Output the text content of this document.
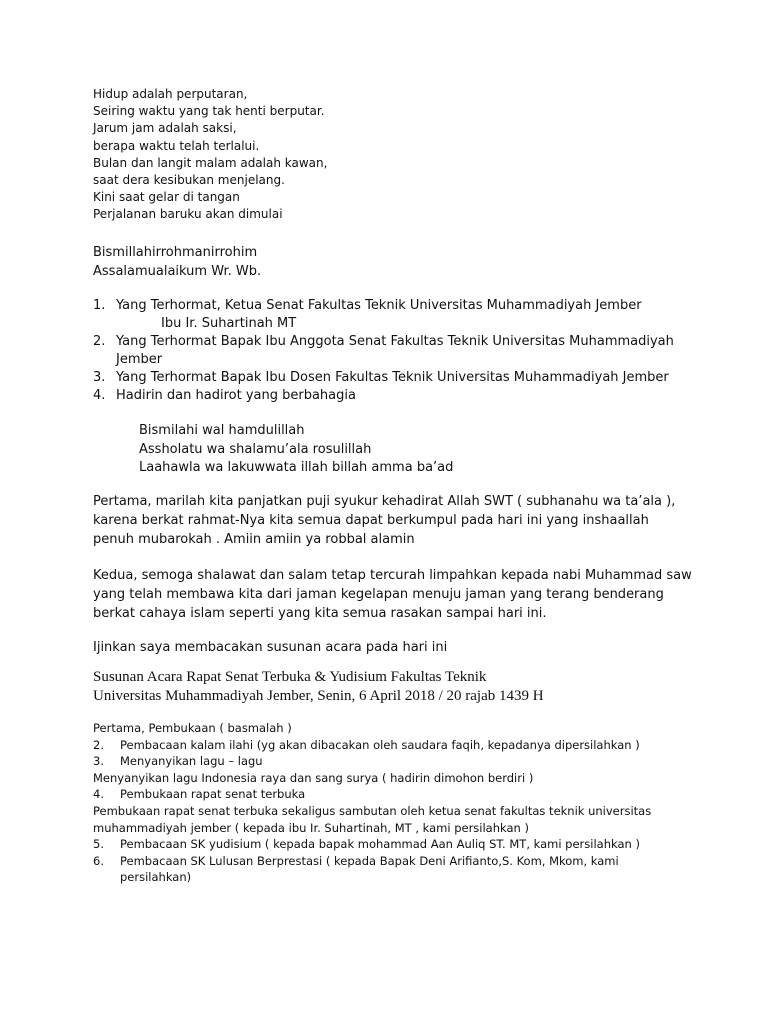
Hidup adalah perputaran,
Seiring waktu yang tak henti berputar.
Jarum jam adalah saksi,
berapa waktu telah terlalui.
Bulan dan langit malam adalah kawan,
saat dera kesibukan menjelang.
Kini saat gelar di tangan
Perjalanan baruku akan dimulai
Bismillahirrohmanirrohim
Assalamualaikum Wr. Wb.
1. Yang Terhormat, Ketua Senat Fakultas Teknik Universitas Muhammadiyah Jember
Ibu Ir. Suhartinah MT
2. Yang Terhormat Bapak Ibu Anggota Senat Fakultas Teknik Universitas Muhammadiyah Jember
3. Yang Terhormat Bapak Ibu Dosen Fakultas Teknik Universitas Muhammadiyah Jember
4. Hadirin dan hadirot yang berbahagia
Bismilahi wal hamdulillah
Assholatu wa shalamu’ala rosulillah
Laahawla wa lakuwwata illah billah amma ba’ad
Pertama, marilah kita panjatkan puji syukur kehadirat Allah SWT ( subhanahu wa ta’ala ), karena berkat rahmat-Nya kita semua dapat berkumpul pada hari ini yang inshaallah penuh mubarokah . Amiin amiin ya robbal alamin
Kedua, semoga shalawat dan salam tetap tercurah limpahkan kepada nabi Muhammad saw yang telah membawa kita dari jaman kegelapan menuju jaman yang terang benderang berkat cahaya islam seperti yang kita semua rasakan sampai hari ini.
Ijinkan saya membacakan susunan acara pada hari ini
Susunan Acara Rapat Senat Terbuka & Yudisium Fakultas Teknik
Universitas Muhammadiyah Jember, Senin, 6 April 2018 / 20 rajab 1439 H
Pertama, Pembukaan ( basmalah )
2.	Pembacaan kalam ilahi (yg akan dibacakan oleh saudara faqih, kepadanya dipersilahkan )
3.	Menyanyikan lagu – lagu
Menyanyikan lagu Indonesia raya dan sang surya ( hadirin dimohon berdiri )
4.	Pembukaan rapat senat terbuka
Pembukaan rapat senat terbuka sekaligus sambutan oleh ketua senat fakultas teknik universitas muhammadiyah jember ( kepada ibu Ir. Suhartinah, MT , kami persilahkan )
5.	Pembacaan SK yudisium ( kepada bapak mohammad Aan Auliq ST. MT, kami persilahkan )
6.	Pembacaan SK Lulusan Berprestasi ( kepada Bapak Deni Arifianto,S. Kom, Mkom, kami persilahkan)
